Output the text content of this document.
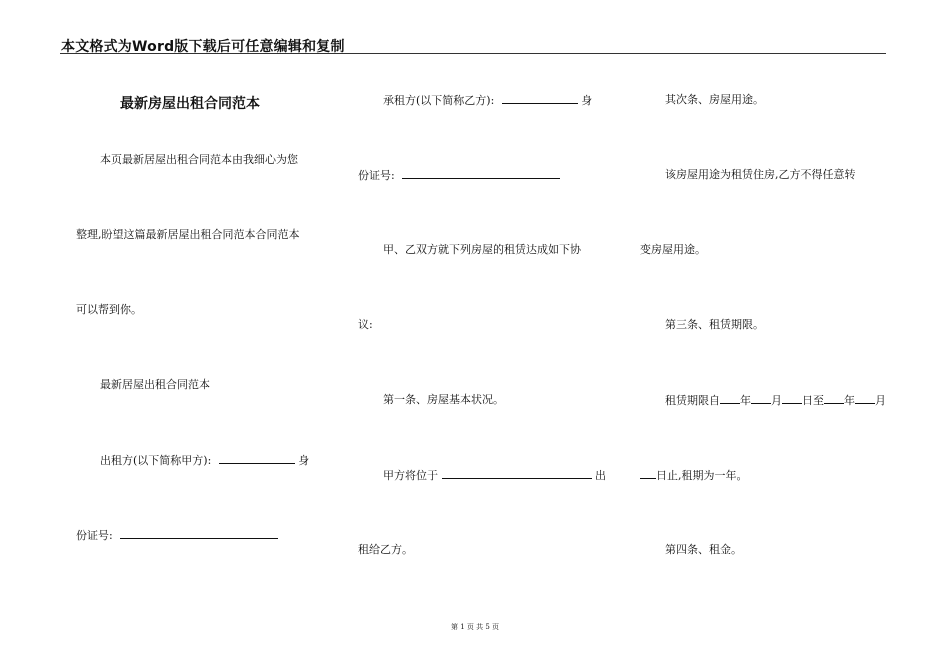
本文格式为Word版下载后可任意编辑和复制
最新房屋出租合同范本
本页最新居屋出租合同范本由我细心为您
整理,盼望这篇最新居屋出租合同范本合同范本
可以帮到你。
最新居屋出租合同范本
出租方(以下简称甲方):	身
份证号:
承租方(以下简称乙方):	身
份证号:
甲、乙双方就下列房屋的租赁达成如下协
议:
第一条、房屋基本状况。
甲方将位于	出
租给乙方。
其次条、房屋用途。
该房屋用途为租赁住房,乙方不得任意转
变房屋用途。
第三条、租赁期限。
租赁期限自 年 月 日至 年 月
日止,租期为一年。
第四条、租金。
第 1 页 共 5 页
